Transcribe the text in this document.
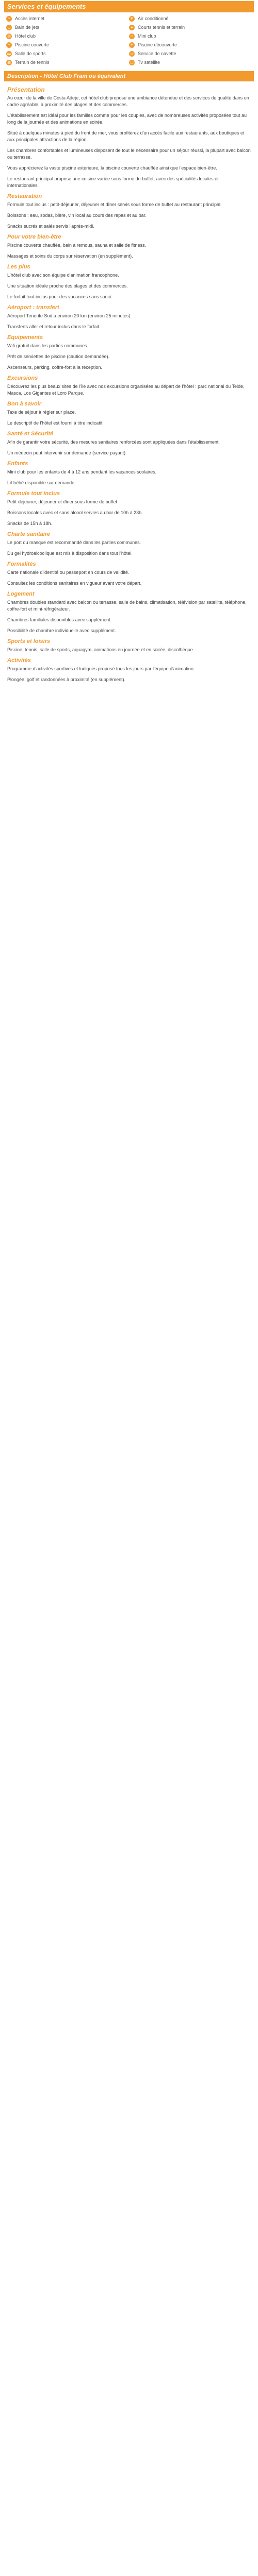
Services et équipements
≈	Accès internet	✻ Air conditionné
◡ Bain de jets	●	Courts tennis et terrain
▤ Hôtel club	☺ Mini club
~	Piscine couverte	☀ Piscine découverte
▬ Salle de sports	▭ Service de navette
▦ Terrain de tennis	▢ Tv satellite
Description - Hôtel Club Fram ou équivalent
Présentation

Au cœur de la ville de Costa Adeje, cet hôtel club propose une ambiance détendue et des services de qualité dans un cadre agréable, à proximité des plages et des commerces.

L'établissement est idéal pour les familles comme pour les couples, avec de nombreuses activités proposées tout au long de la journée et des animations en soirée.

Situé à quelques minutes à pied du front de mer, vous profiterez d'un accès facile aux restaurants, aux boutiques et aux principales attractions de la région.

Les chambres confortables et lumineuses disposent de tout le nécessaire pour un séjour réussi, la plupart avec balcon ou terrasse.

Vous apprécierez la vaste piscine extérieure, la piscine couverte chauffée ainsi que l'espace bien-être.

Le restaurant principal propose une cuisine variée sous forme de buffet, avec des spécialités locales et internationales.

Restauration

Formule tout inclus : petit-déjeuner, déjeuner et dîner servis sous forme de buffet au restaurant principal.

Boissons : eau, sodas, bière, vin local au cours des repas et au bar.

Snacks sucrés et salés servis l'après-midi.

Pour votre bien-être

Piscine couverte chauffée, bain à remous, sauna et salle de fitness.

Massages et soins du corps sur réservation (en supplément).

Les plus

L'hôtel club avec son équipe d'animation francophone.

Une situation idéale proche des plages et des commerces.

Le forfait tout inclus pour des vacances sans souci.

Aéroport : transfert

Aéroport Tenerife Sud à environ 20 km (environ 25 minutes).

Transferts aller et retour inclus dans le forfait.

Equipements

Wifi gratuit dans les parties communes.

Prêt de serviettes de piscine (caution demandée).

Ascenseurs, parking, coffre-fort à la réception.

Excursions

Découvrez les plus beaux sites de l'île avec nos excursions organisées au départ de l'hôtel : parc national du Teide, Masca, Los Gigantes et Loro Parque.

Bon à savoir

Taxe de séjour à régler sur place.

Le descriptif de l'hôtel est fourni à titre indicatif.

Santé et Sécurité

Afin de garantir votre sécurité, des mesures sanitaires renforcées sont appliquées dans l'établissement.

Un médecin peut intervenir sur demande (service payant).

Enfants

Mini club pour les enfants de 4 à 12 ans pendant les vacances scolaires.

Lit bébé disponible sur demande.

Formule tout inclus

Petit-déjeuner, déjeuner et dîner sous forme de buffet.

Boissons locales avec et sans alcool servies au bar de 10h à 23h.

Snacks de 15h à 18h.

Charte sanitaire

Le port du masque est recommandé dans les parties communes.

Du gel hydroalcoolique est mis à disposition dans tout l'hôtel.

Formalités

Carte nationale d'identité ou passeport en cours de validité.

Consultez les conditions sanitaires en vigueur avant votre départ.

Logement

Chambres doubles standard avec balcon ou terrasse, salle de bains, climatisation, télévision par satellite, téléphone, coffre-fort et mini-réfrigérateur.

Chambres familiales disponibles avec supplément.

Possibilité de chambre individuelle avec supplément.

Sports et loisirs

Piscine, tennis, salle de sports, aquagym, animations en journée et en soirée, discothèque.

Activités

Programme d'activités sportives et ludiques proposé tous les jours par l'équipe d'animation.

Plongée, golf et randonnées à proximité (en supplément).
